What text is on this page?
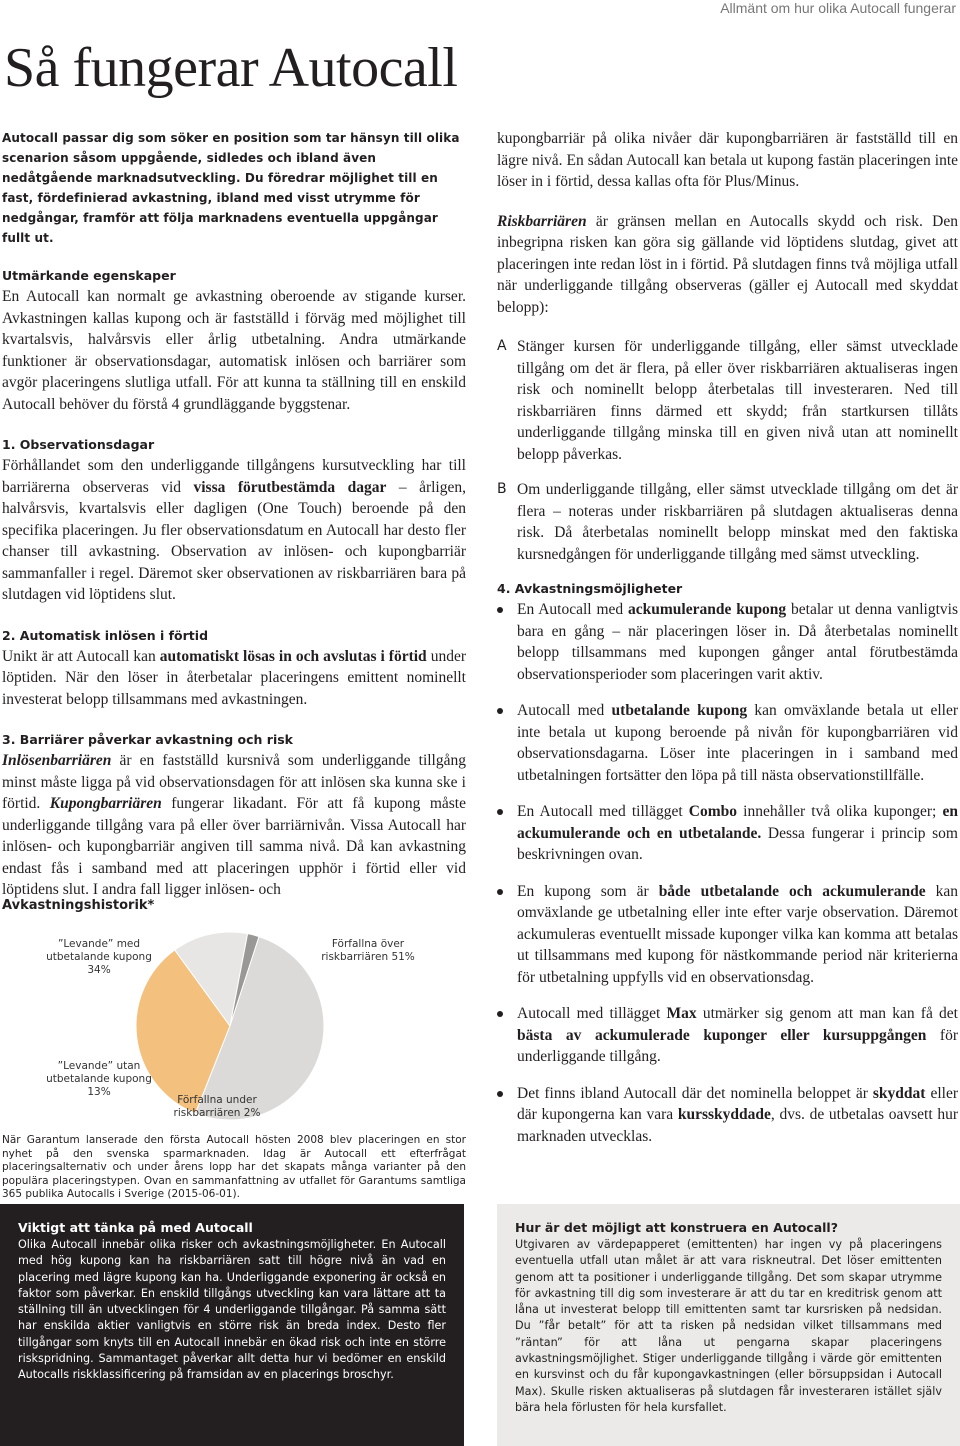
Allmänt om hur olika Autocall fungerar
Så fungerar Autocall

Autocall passar dig som söker en position som tar hänsyn till olika scenarion såsom uppgående, sidledes och ibland även nedåtgående marknadsutveckling. Du föredrar möjlighet till en fast, fördefinierad avkastning, ibland med visst utrymme för nedgångar, framför att följa marknadens eventuella uppgångar fullt ut.

Utmärkande egenskaper

En Autocall kan normalt ge avkastning oberoende av stigande kurser. Avkastningen kallas kupong och är fastställd i förväg med möjlighet till kvartalsvis, halvårsvis eller årlig utbetalning. Andra utmärkande funktioner är observationsdagar, automatisk inlösen och barriärer som avgör placeringens slutliga utfall. För att kunna ta ställning till en enskild Autocall behöver du förstå 4 grundläggande byggstenar.

1. Observationsdagar

Förhållandet som den underliggande tillgångens kursutveckling har till barriärerna observeras vid vissa förutbestämda dagar – årligen, halvårsvis, kvartalsvis eller dagligen (One Touch) beroende på den specifika placeringen. Ju fler observationsdatum en Autocall har desto fler chanser till avkastning. Observation av inlösen- och kupongbarriär sammanfaller i regel. Däremot sker observationen av riskbarriären bara på slutdagen vid löptidens slut.

2. Automatisk inlösen i förtid

Unikt är att Autocall kan automatiskt lösas in och avslutas i förtid under löptiden. När den löser in återbetalar placeringens emittent nominellt investerat belopp tillsammans med avkastningen.

3. Barriärer påverkar avkastning och risk

Inlösenbarriären är en fastställd kursnivå som underliggande tillgång minst måste ligga på vid observationsdagen för att inlösen ska kunna ske i förtid. Kupongbarriären fungerar likadant. För att få kupong måste underliggande tillgång vara på eller över barriärnivån. Vissa Autocall har inlösen- och kupongbarriär angiven till samma nivå. Då kan avkastning endast fås i samband med att placeringen upphör i förtid eller vid löptidens slut. I andra fall ligger inlösen- och

Avkastningshistorik*
”Levande” med utbetalande kupong 34%
”Levande” utan utbetalande kupong 13%
Förfallna under riskbarriären 2%
Förfallna över riskbarriären 51%

När Garantum lanserade den första Autocall hösten 2008 blev placeringen en stor nyhet på den svenska sparmarknaden. Idag är Autocall ett efterfrågat placeringsalternativ och under årens lopp har det skapats många varianter på den populära placeringstypen. Ovan en sammanfattning av utfallet för Garantums samtliga 365 publika Autocalls i Sverige (2015-06-01).

kupongbarriär på olika nivåer där kupongbarriären är fastställd till en lägre nivå. En sådan Autocall kan betala ut kupong fastän placeringen inte löser in i förtid, dessa kallas ofta för Plus/Minus.

Riskbarriären är gränsen mellan en Autocalls skydd och risk. Den inbegripna risken kan göra sig gällande vid löptidens slutdag, givet att placeringen inte redan löst in i förtid. På slutdagen finns två möjliga utfall när underliggande tillgång observeras (gäller ej Autocall med skyddat belopp):

A Stänger kursen för underliggande tillgång, eller sämst utvecklade tillgång om det är flera, på eller över riskbarriären aktualiseras ingen risk och nominellt belopp återbetalas till investeraren. Ned till riskbarriären finns därmed ett skydd; från startkursen tillåts underliggande tillgång minska till en given nivå utan att nominellt belopp påverkas.
B Om underliggande tillgång, eller sämst utvecklade tillgång om det är flera – noteras under riskbarriären på slutdagen aktualiseras denna risk. Då återbetalas nominellt belopp minskat med den faktiska kursnedgången för underliggande tillgång med sämst utveckling.
4. Avkastningsmöjligheter
En Autocall med ackumulerande kupong betalar ut denna vanligtvis bara en gång – när placeringen löser in. Då återbetalas nominellt belopp tillsammans med kupongen gånger antal förutbestämda observationsperioder som placeringen varit aktiv.
Autocall med utbetalande kupong kan omväxlande betala ut eller inte betala ut kupong beroende på nivån för kupongbarriären vid observationsdagarna. Löser inte placeringen in i samband med utbetalningen fortsätter den löpa på till nästa observationstillfälle.
En Autocall med tillägget Combo innehåller två olika kuponger; en ackumulerande och en utbetalande. Dessa fungerar i princip som beskrivningen ovan.
En kupong som är både utbetalande och ackumulerande kan omväxlande ge utbetalning eller inte efter varje observation. Däremot ackumuleras eventuellt missade kuponger vilka kan komma att betalas ut tillsammans med kupong för nästkommande period när kriterierna för utbetalning uppfylls vid en observationsdag.
Autocall med tillägget Max utmärker sig genom att man kan få det bästa av ackumulerade kuponger eller kursuppgången för underliggande tillgång.
Det finns ibland Autocall där det nominella beloppet är skyddat eller där kupongerna kan vara kursskyddade, dvs. de utbetalas oavsett hur marknaden utvecklas.
Viktigt att tänka på med Autocall

Olika Autocall innebär olika risker och avkastningsmöjligheter. En Autocall med hög kupong kan ha riskbarriären satt till högre nivå än vad en placering med lägre kupong kan ha. Underliggande exponering är också en faktor som påverkar. En enskild tillgångs utveckling kan vara lättare att ta ställning till än utvecklingen för 4 underliggande tillgångar. På samma sätt har enskilda aktier vanligtvis en större risk än breda index. Desto fler tillgångar som knyts till en Autocall innebär en ökad risk och inte en större riskspridning. Sammantaget påverkar allt detta hur vi bedömer en enskild Autocalls riskklassificering på framsidan av en placerings broschyr.

Hur är det möjligt att konstruera en Autocall?

Utgivaren av värdepapperet (emittenten) har ingen vy på placeringens eventuella utfall utan målet är att vara riskneutral. Det löser emittenten genom att ta positioner i underliggande tillgång. Det som skapar utrymme för avkastning till dig som investerare är att du tar en kreditrisk genom att låna ut investerat belopp till emittenten samt tar kursrisken på nedsidan. Du ”får betalt” för att ta risken på nedsidan vilket tillsammans med ”räntan” för att låna ut pengarna skapar placeringens avkastningsmöjlighet. Stiger underliggande tillgång i värde gör emittenten en kursvinst och du får kupongavkastningen (eller börsuppsidan i Autocall Max). Skulle risken aktualiseras på slutdagen får investeraren istället själv bära hela förlusten för hela kursfallet.
